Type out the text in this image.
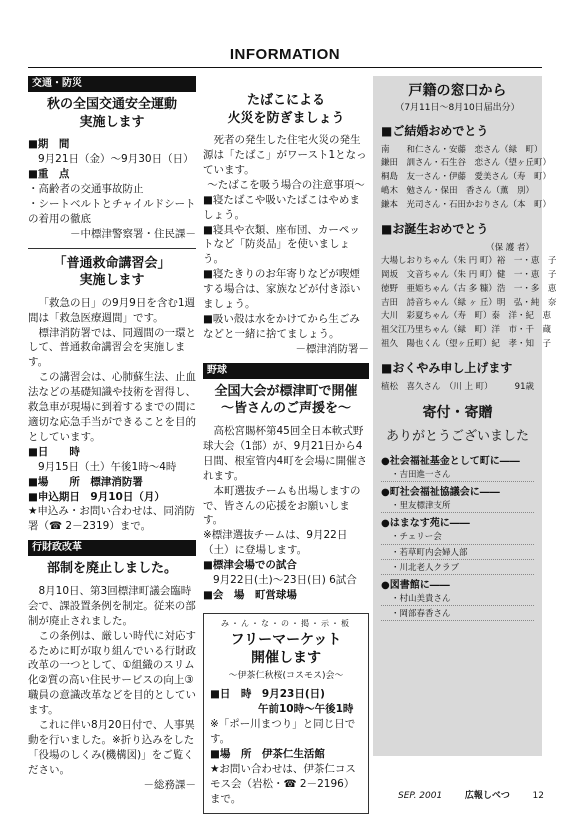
INFORMATION
交通・防災
秋の全国交通安全運動
実施します
■期　間
9月21日（金）～9月30日（日）
■重　点
・高齢者の交通事故防止
・シートベルトとチャイルドシートの着用の徹底
－中標津警察署・住民課－
「普通救命講習会」
実施します
「救急の日」の9月9日を含む1週間は「救急医療週間」です。
標津消防署では、同週間の一環として、普通救命講習会を実施します。
この講習会は、心肺蘇生法、止血法などの基礎知識や技術を習得し、救急車が現場に到着するまでの間に適切な応急手当ができることを目的としています。
■日　　時
9月15日（土）午後1時～4時
■場　　所　標津消防署
■申込期日　9月10日（月）
★申込み・お問い合わせは、同消防署（☎ 2－2319）まで。
行財政改革
部制を廃止しました。
8月10日、第3回標津町議会臨時会で、課設置条例を制定。従来の部制が廃止されました。
この条例は、厳しい時代に対応するために町が取り組んでいる行財政改革の一つとして、①組織のスリム化②質の高い住民サービスの向上③職員の意識改革などを目的としています。
これに伴い8月20日付で、人事異動を行いました。※折り込みをした「役場のしくみ(機構図)」をご覧ください。
－総務課－
たばこによる
火災を防ぎましょう
死者の発生した住宅火災の発生源は「たばこ」がワースト1となっています。
～たばこを吸う場合の注意事項～
■寝たばこや吸いたばこはやめましょう。
■寝具や衣類、座布団、カーペットなど「防炎品」を使いましょう。
■寝たきりのお年寄りなどが喫煙する場合は、家族などが付き添いましょう。
■吸い殻は水をかけてから生ごみなどと一緒に捨てましょう。
－標津消防署－
野球
全国大会が標津町で開催
～皆さんのご声援を～
高松宮賜杯第45回全日本軟式野球大会（1部）が、9月21日から4日間、根室管内4町を会場に開催されます。
本町選抜チームも出場しますので、皆さんの応援をお願いします。
※標津選抜チームは、9月22日（土）に登場します。
■標津会場での試合
9月22日(土)～23日(日) 6試合
■会　場　町営球場
み・ん・な・の・掲・示・板
フリーマーケット
開催します
～伊茶仁秋桜(コスモス)会～
■日　時　9月23日(日)
午前10時～午後1時
※「ポー川まつり」と同じ日です。
■場　所　伊茶仁生活館
★お問い合わせは、伊茶仁コスモス会（岩松・☎ 2－2196）まで。
戸籍の窓口から
（7月11日～8月10日届出分）
■ご結婚おめでとう
南　　和仁さん・安藤　恋さん （緑　町）
鎌田　訓さん・石生谷　恋さん （望ヶ丘町）
桐島　友一さん・伊藤　愛美さん （寿　町）
嶋木　勉さん・保田　香さん （薫　別）
鎌本　光司さん・石田かおりさん （本　町）
■お誕生おめでとう
（保 護 者）
大場しおりちゃん（朱 円 町） 裕　一・恵　子
岡坂　文音ちゃん（朱 円 町） 健　一・恵　子
徳野　亜姫ちゃん（古 多 糠） 浩　一・多　恵
吉田　詩音ちゃん（緑 ヶ 丘） 明　弘・純　奈
大川　彩夏ちゃん（寿　町） 泰　洋・紀　恵
祖父江乃里ちゃん（緑　町） 洋　市・千　蔵
祖久　陽也くん（望ヶ丘町） 紀　孝・知　子
■おくやみ申し上げます
植松　喜久さん　（川 上 町）	91歳
寄付・寄贈
ありがとうございました
●社会福祉基金として町に――
・吉田進一さん
●町社会福祉協議会に――
・里友標津支所
●はまなす苑に――
・チェリー会
・若草町内会婦人部
・川北老人クラブ
●図書館に――
・村山美貴さん
・岡部春香さん
SEP. 2001	広報しべつ	12
